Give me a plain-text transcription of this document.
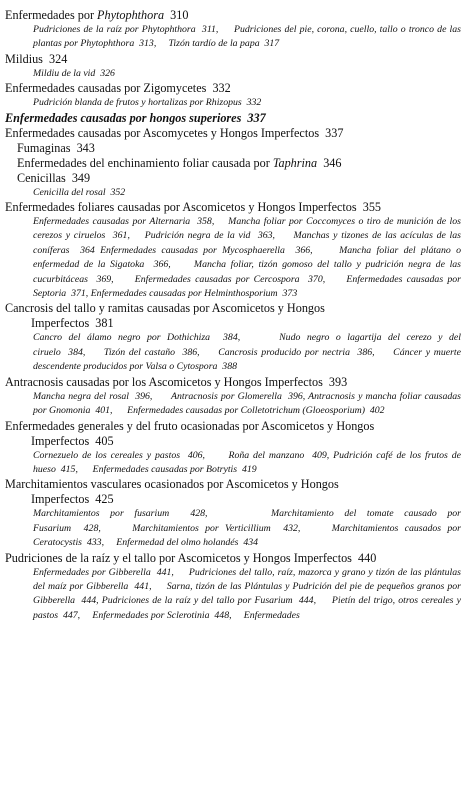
Enfermedades por Phytophthora  310

Pudriciones de la raíz por Phytophthora  311,     Pudriciones del pie, corona, cuello, tallo o tronco de las plantas por Phytophthora  313,     Tizón tardío de la papa  317

Mildius  324

Mildiu de la vid  326

Enfermedades causadas por Zigomycetes  332

Pudrición blanda de frutos y hortalizas por Rhizopus  332

Enfermedades causadas por hongos superiores  337

Enfermedades causadas por Ascomycetes y Hongos Imperfectos  337

Fumaginas  343

Enfermedades del enchinamiento foliar causada por Taphrina  346

Cenicillas  349

Cenicilla del rosal  352

Enfermedades foliares causadas por Ascomicetos y Hongos Imperfectos  355

Enfermedades causadas por Alternaria  358,    Mancha foliar por Coccomyces o tiro de munición de los cerezos y ciruelos  361,    Pudrición negra de la vid  363,     Manchas y tizones de las acículas de las coníferas  364 Enfermedades causadas por Mycosphaerella  366,     Mancha foliar del plátano o enfermedad de la Sigatoka  366,     Mancha foliar, tizón gomoso del tallo y pudrición negra de las cucurbitáceas  369,     Enfermedades causadas por Cercospora  370,     Enfermedades causadas por Septoria  371, Enfermedades causadas por Helminthosporium  373

Cancrosis del tallo y ramitas causadas por Ascomicetos y Hongos

Imperfectos  381

Cancro del álamo negro por Dothichiza  384,      Nudo negro o lagartija del cerezo y del ciruelo  384,     Tizón del castaño  386,     Cancrosis producido por nectria  386,     Cáncer y muerte descendente producidos por Valsa o Cytospora  388

Antracnosis causadas por los Ascomicetos y Hongos Imperfectos  393

Mancha negra del rosal  396,      Antracnosis por Glomerella  396, Antracnosis y mancha foliar causadas por Gnomonia  401,      Enfermedades causadas por Colletotrichum (Gloeosporium)  402

Enfermedades generales y del fruto ocasionadas por Ascomicetos y Hongos

Imperfectos  405

Cornezuelo de los cereales y pastos  406,      Roña del manzano  409, Pudrición café de los frutos de hueso  415,      Enfermedades causadas por Botrytis  419

Marchitamientos vasculares ocasionados por Ascomicetos y Hongos

Imperfectos  425

Marchitamientos por fusarium  428,      Marchitamiento del tomate causado por Fusarium  428,     Marchitamientos por Verticillium  432,     Marchitamientos causados por Ceratocystis  433,     Enfermedad del olmo holandés  434

Pudriciones de la raíz y el tallo por Ascomicetos y Hongos Imperfectos  440

Enfermedades por Gibberella  441,     Pudriciones del tallo, raíz, mazorca y grano y tizón de las plántulas del maíz por Gibberella  441,     Sarna, tizón de las Plántulas y Pudrición del pie de pequeños granos por Gibberella  444, Pudriciones de la raíz y del tallo por Fusarium  444,     Pietín del trigo, otros cereales y pastos  447,     Enfermedades por Sclerotinia  448,     Enfermedades
